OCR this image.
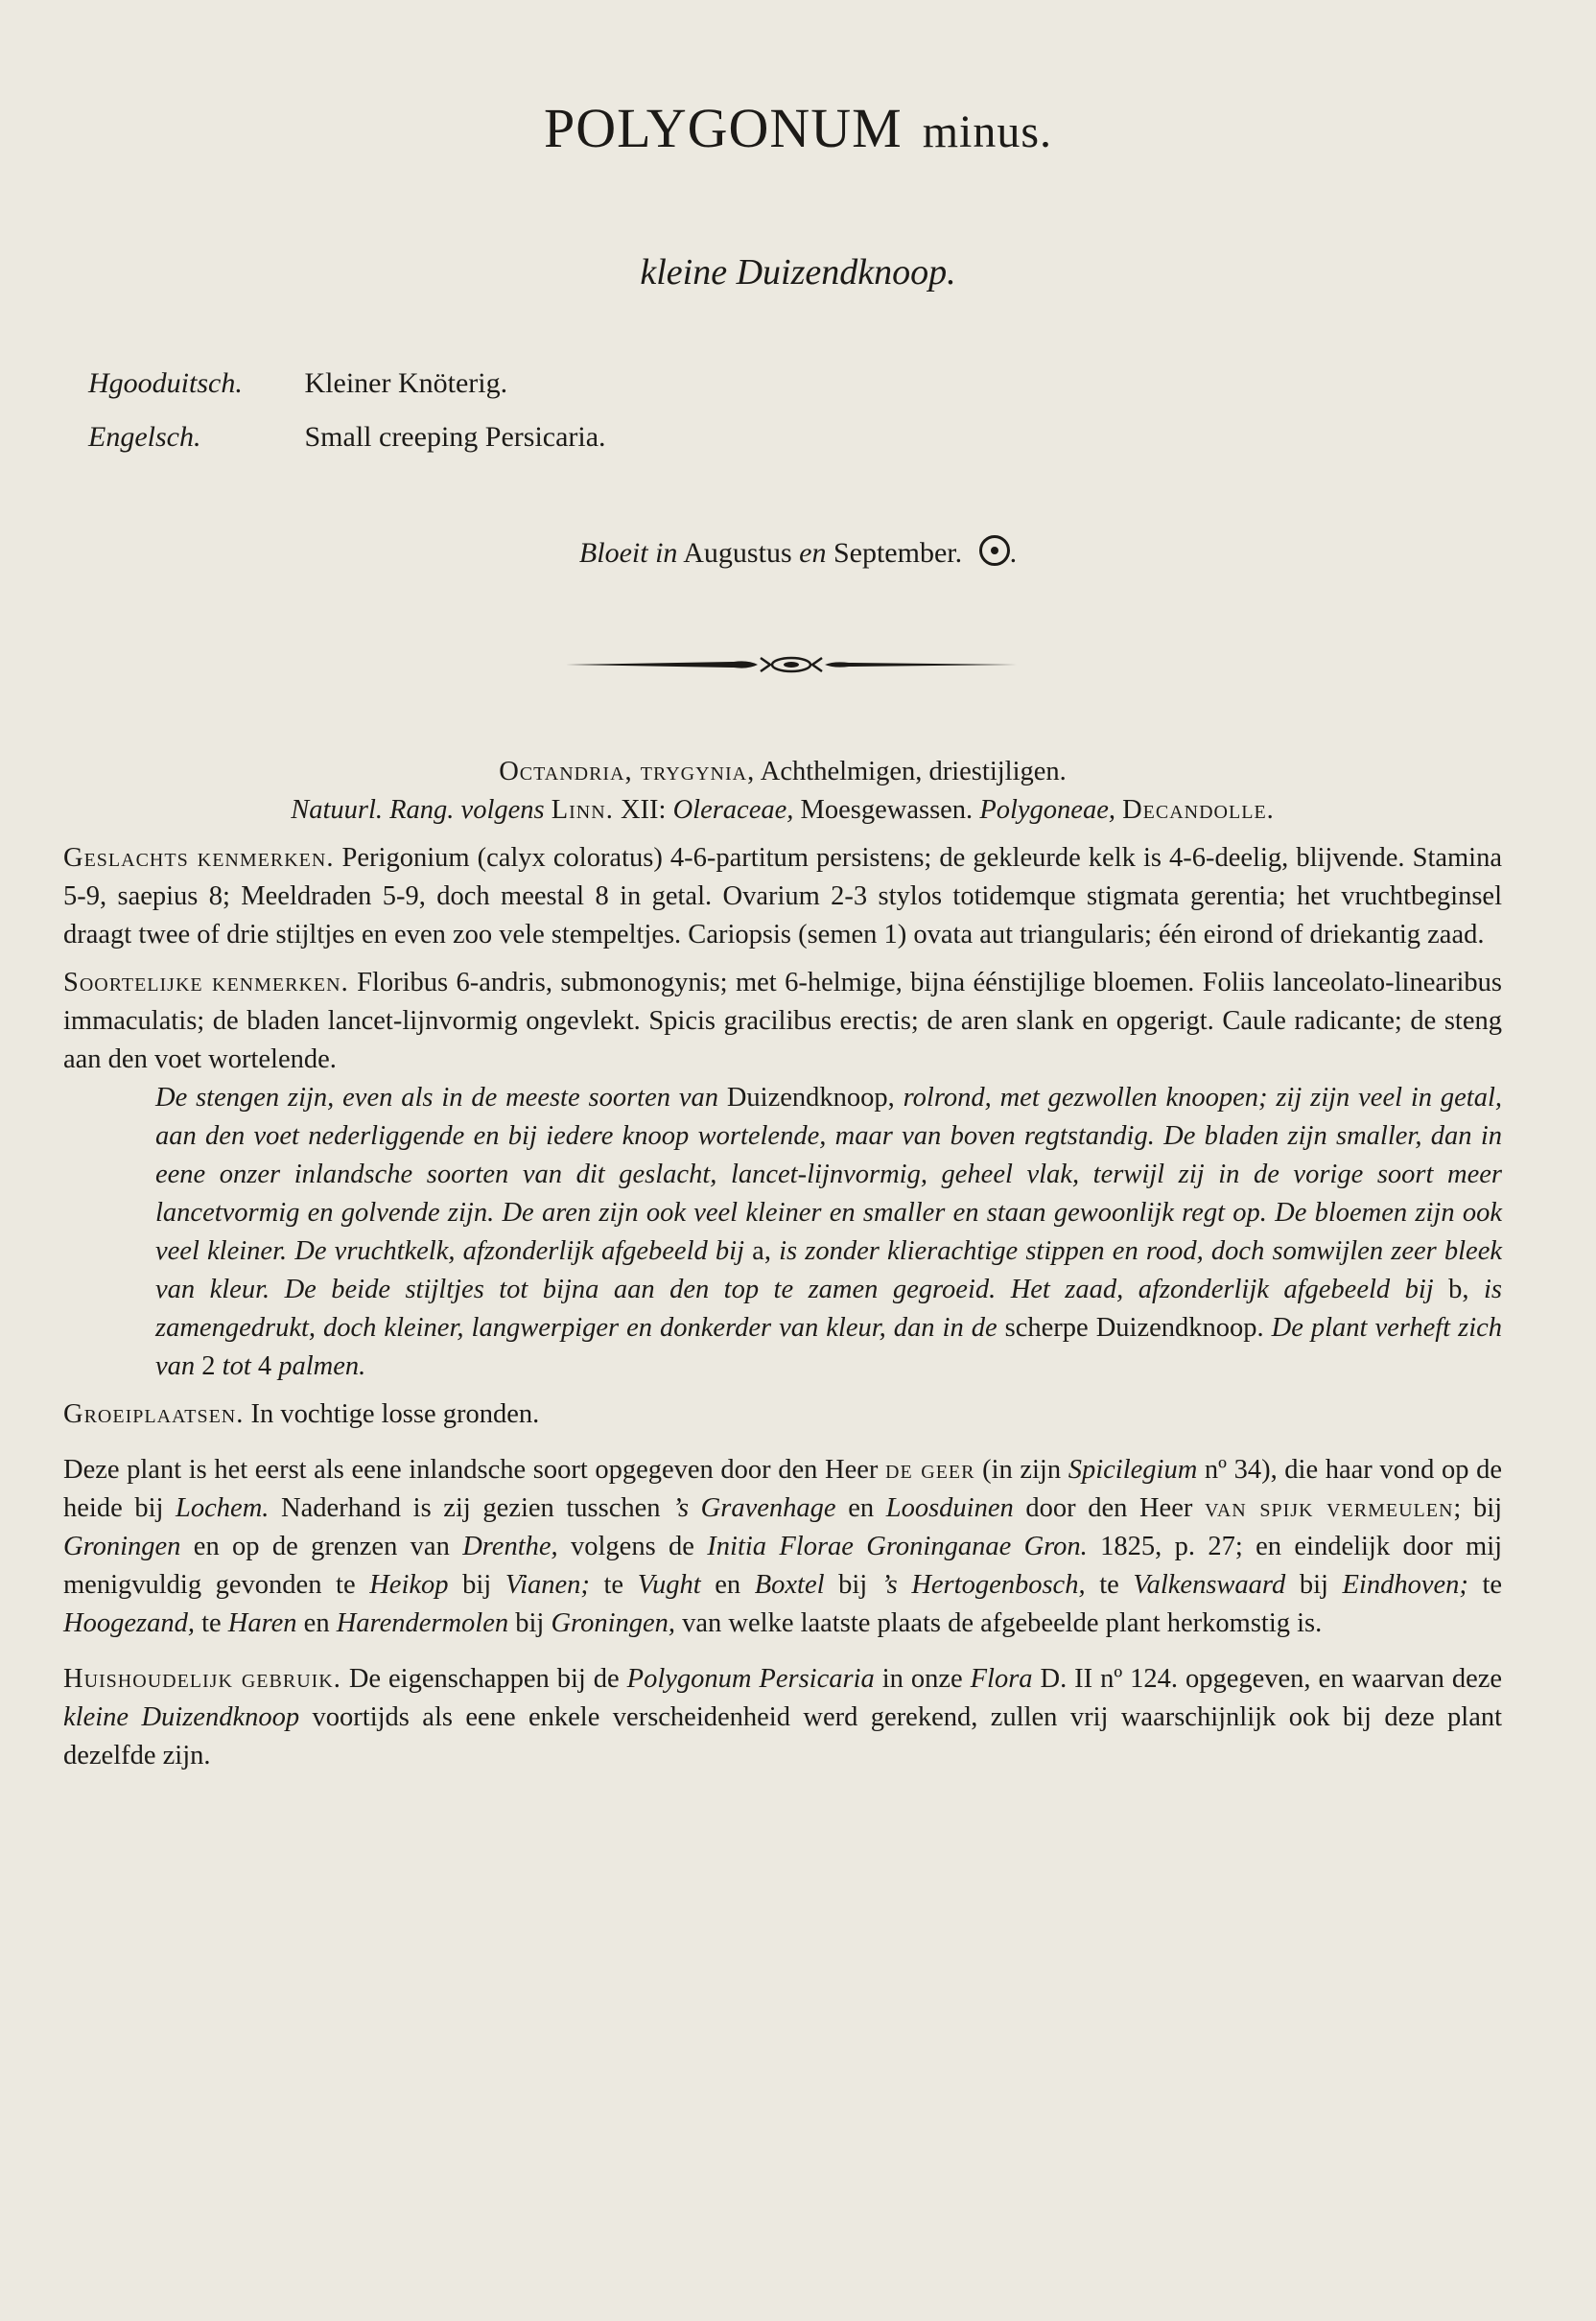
POLYGONUM minus.
kleine Duizendknoop.
Hgooduitsch. Kleiner Knöterig.
Engelsch.	Small creeping Persicaria.
Bloeit in Augustus en September. .

Octandria, trygynia, Achthelmigen, driestijligen.

Natuurl. Rang. volgens Linn. XII: Oleraceae, Moesgewassen. Polygoneae, Decandolle.

Geslachts kenmerken. Perigonium (calyx coloratus) 4-6-partitum persistens; de gekleurde kelk is 4-6-deelig, blijvende. Stamina 5-9, saepius 8; Meeldraden 5-9, doch meestal 8 in getal. Ovarium 2-3 stylos totidemque stigmata gerentia; het vruchtbeginsel draagt twee of drie stijltjes en even zoo vele stempeltjes. Cariopsis (semen 1) ovata aut triangularis; één eirond of driekantig zaad.

Soortelijke kenmerken. Floribus 6-andris, submonogynis; met 6-helmige, bijna éénstijlige bloemen. Foliis lanceolato-linearibus immaculatis; de bladen lancet-lijnvormig ongevlekt. Spicis gracilibus erectis; de aren slank en opgerigt. Caule radicante; de steng aan den voet wortelende.

De stengen zijn, even als in de meeste soorten van Duizendknoop, rolrond, met gezwollen knoopen; zij zijn veel in getal, aan den voet nederliggende en bij iedere knoop wortelende, maar van boven regtstandig. De bladen zijn smaller, dan in eene onzer inlandsche soorten van dit geslacht, lancet-lijnvormig, geheel vlak, terwijl zij in de vorige soort meer lancetvormig en golvende zijn. De aren zijn ook veel kleiner en smaller en staan gewoonlijk regt op. De bloemen zijn ook veel kleiner. De vruchtkelk, afzonderlijk afgebeeld bij a, is zonder klierachtige stippen en rood, doch somwijlen zeer bleek van kleur. De beide stijltjes tot bijna aan den top te zamen gegroeid. Het zaad, afzonderlijk afgebeeld bij b, is zamengedrukt, doch kleiner, langwerpiger en donkerder van kleur, dan in de scherpe Duizendknoop. De plant verheft zich van 2 tot 4 palmen.

Groeiplaatsen. In vochtige losse gronden.

Deze plant is het eerst als eene inlandsche soort opgegeven door den Heer de geer (in zijn Spicilegium nº 34), die haar vond op de heide bij Lochem. Naderhand is zij gezien tusschen ’s Gravenhage en Loosduinen door den Heer van spijk vermeulen; bij Groningen en op de grenzen van Drenthe, volgens de Initia Florae Groninganae Gron. 1825, p. 27; en eindelijk door mij menigvuldig gevonden te Heikop bij Vianen; te Vught en Boxtel bij ’s Hertogenbosch, te Valkenswaard bij Eindhoven; te Hoogezand, te Haren en Harendermolen bij Groningen, van welke laatste plaats de afgebeelde plant herkomstig is.

Huishoudelijk gebruik. De eigenschappen bij de Polygonum Persicaria in onze Flora D. II nº 124. opgegeven, en waarvan deze kleine Duizendknoop voortijds als eene enkele verscheidenheid werd gerekend, zullen vrij waarschijnlijk ook bij deze plant dezelfde zijn.
